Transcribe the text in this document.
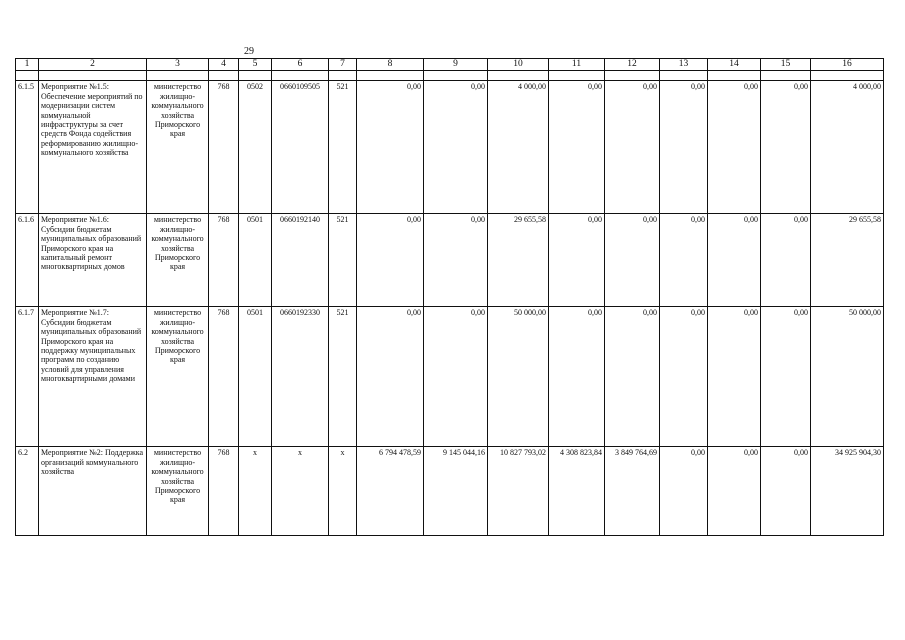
29
1	2	3	4	5	6	7	8	9	10	11	12	13	14	15	16

6.1.5	Мероприятие №1.5: Обеспечение мероприятий по модернизации систем коммунальной инфраструктуры за счет средств Фонда содействия реформированию жилищно-коммунального хозяйства	министерство жилищно-коммунального хозяйства Приморского края	768	0502	0660109505	521	0,00	0,00	4 000,00	0,00	0,00	0,00	0,00	0,00	4 000,00
6.1.6	Мероприятие №1.6: Субсидии бюджетам муниципальных образований Приморского края на капитальный ремонт многоквартирных домов	министерство жилищно-коммунального хозяйства Приморского края	768	0501	0660192140	521	0,00	0,00	29 655,58	0,00	0,00	0,00	0,00	0,00	29 655,58
6.1.7	Мероприятие №1.7: Субсидии бюджетам муниципальных образований Приморского края на поддержку муниципальных программ по созданию условий для управления многоквартирными домами	министерство жилищно-коммунального хозяйства Приморского края	768	0501	0660192330	521	0,00	0,00	50 000,00	0,00	0,00	0,00	0,00	0,00	50 000,00
6.2	Мероприятие №2: Поддержка организаций коммунального хозяйства	министерство жилищно-коммунального хозяйства Приморского края	768	x	x	x	6 794 478,59	9 145 044,16	10 827 793,02	4 308 823,84	3 849 764,69	0,00	0,00	0,00	34 925 904,30
